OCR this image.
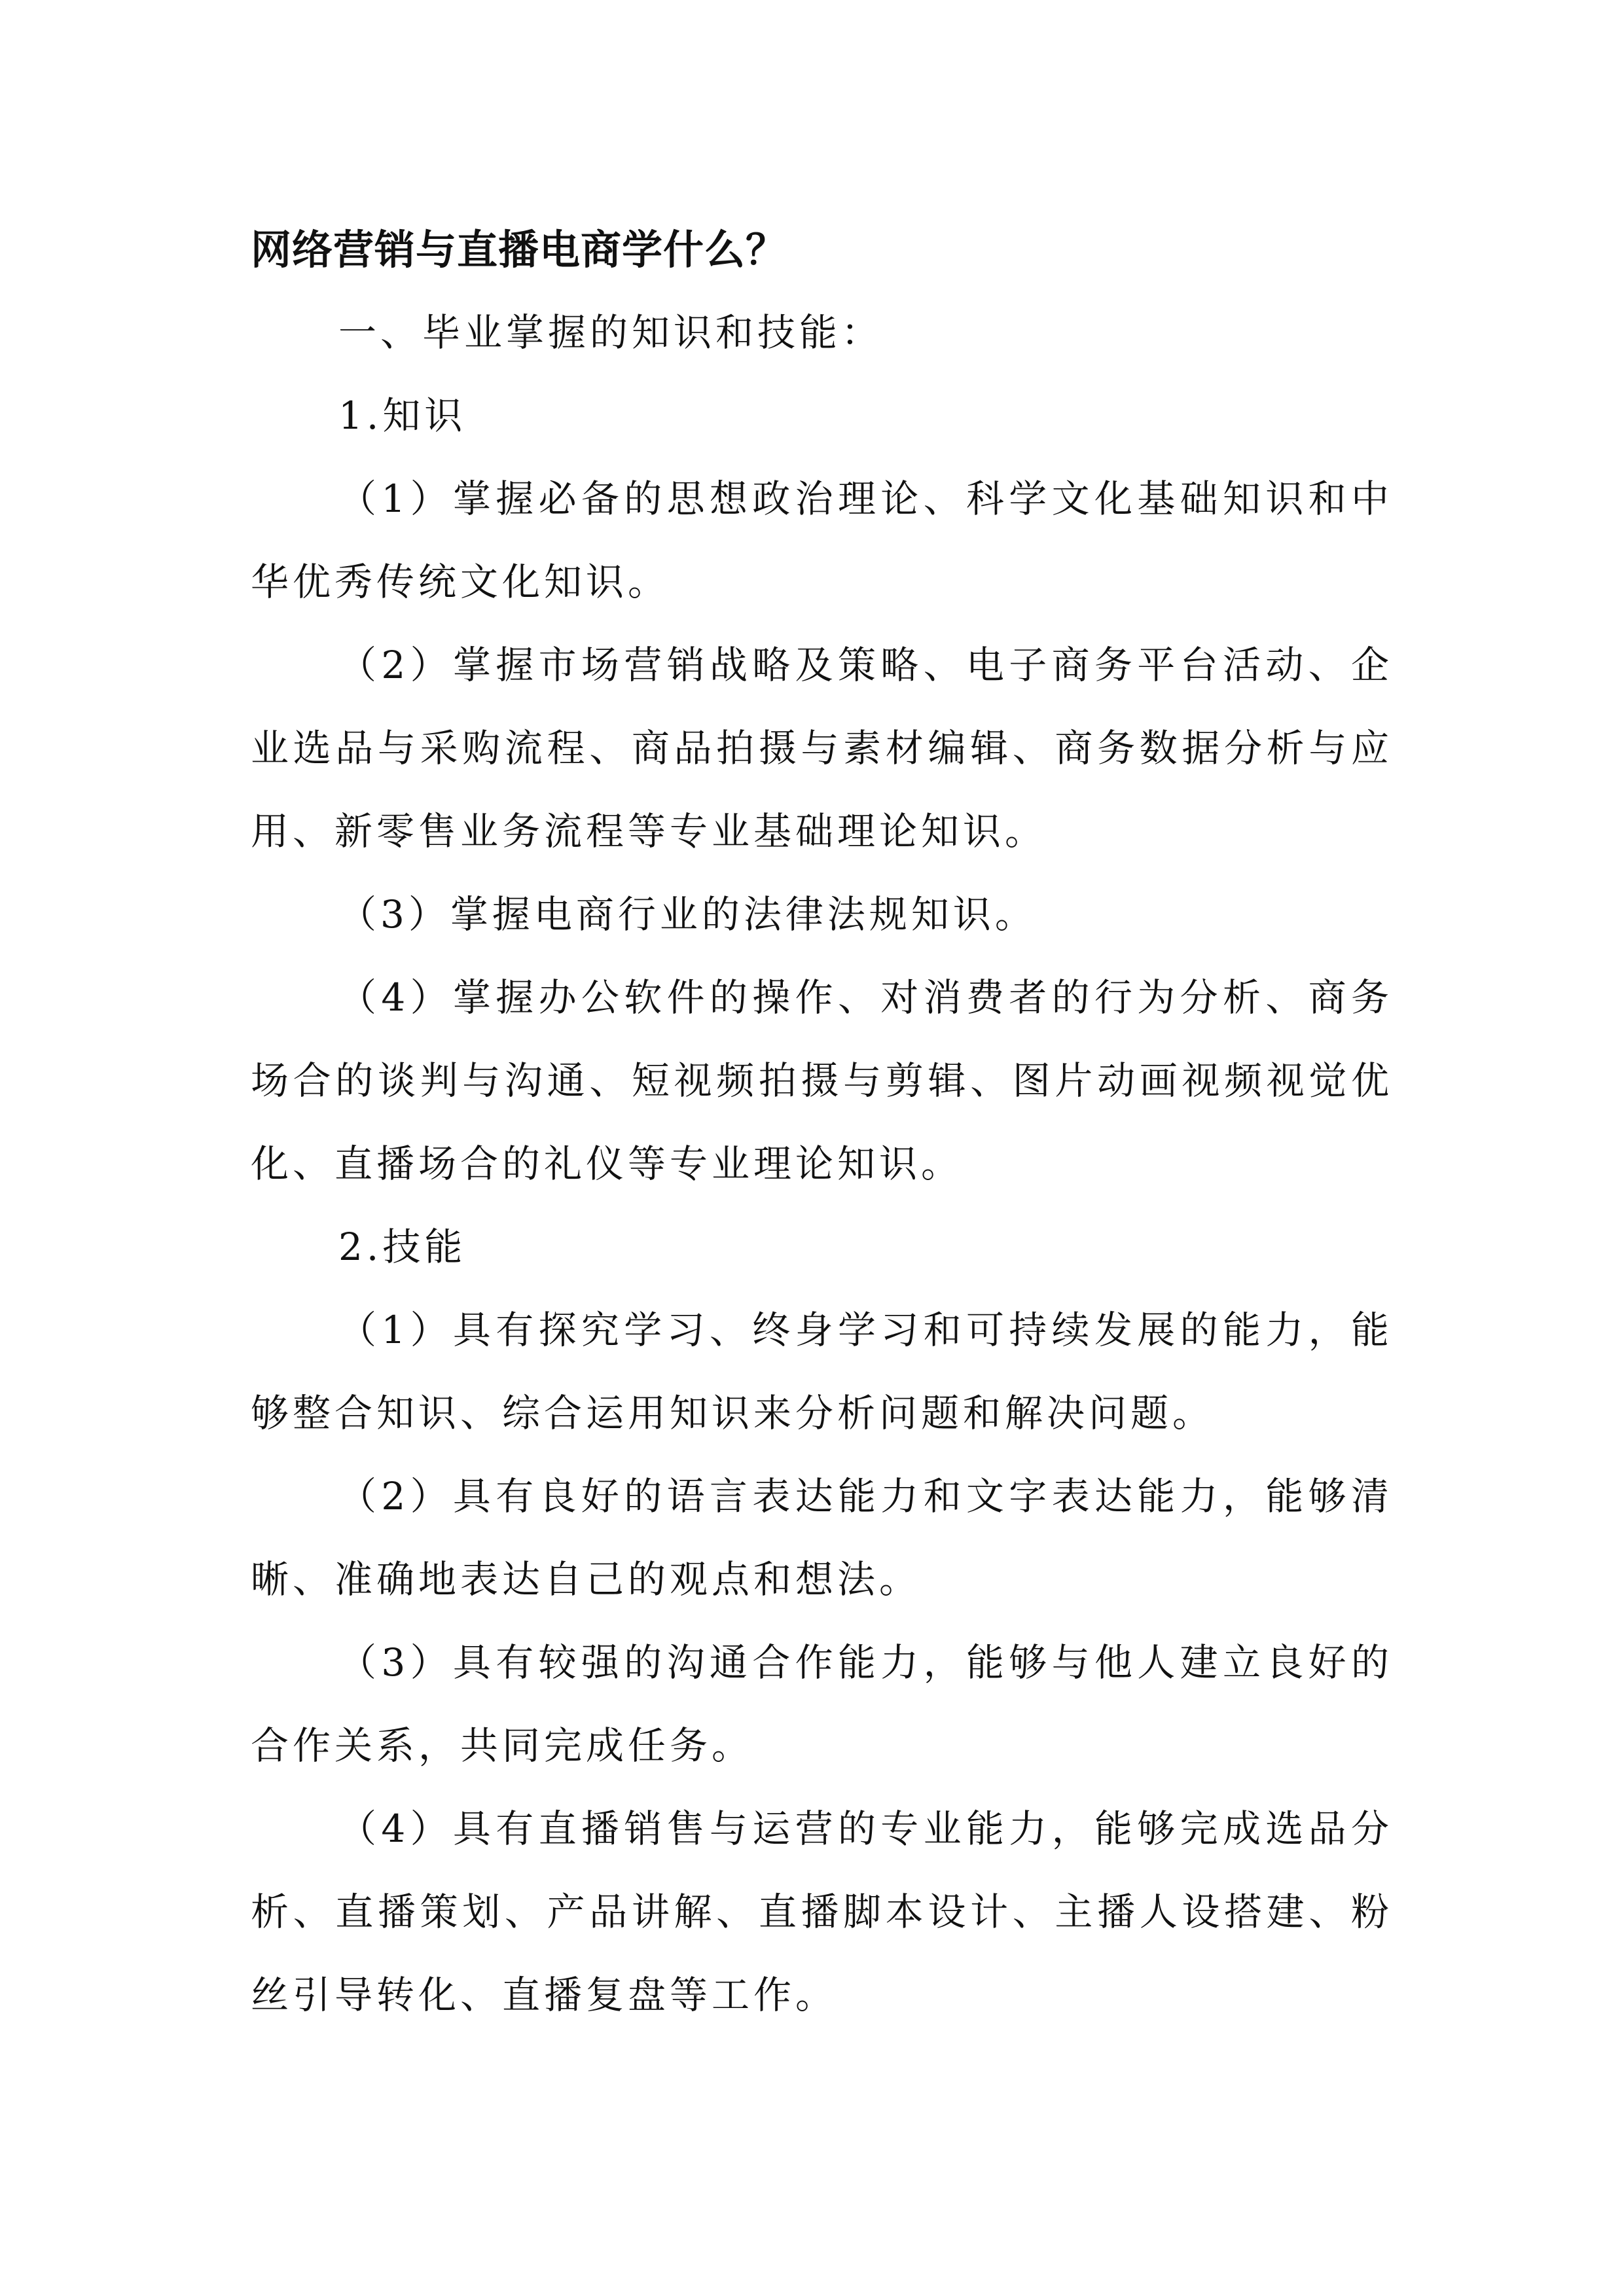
网络营销与直播电商学什么？

一、毕业掌握的知识和技能：

1.知识

（1）掌握必备的思想政治理论、科学文化基础知识和中华优秀传统文化知识。

（2）掌握市场营销战略及策略、电子商务平台活动、企业选品与采购流程、商品拍摄与素材编辑、商务数据分析与应用、新零售业务流程等专业基础理论知识。

（3）掌握电商行业的法律法规知识。

（4）掌握办公软件的操作、对消费者的行为分析、商务场合的谈判与沟通、短视频拍摄与剪辑、图片动画视频视觉优化、直播场合的礼仪等专业理论知识。

2.技能

（1）具有探究学习、终身学习和可持续发展的能力，能够整合知识、综合运用知识来分析问题和解决问题。

（2）具有良好的语言表达能力和文字表达能力，能够清晰、准确地表达自己的观点和想法。

（3）具有较强的沟通合作能力，能够与他人建立良好的合作关系，共同完成任务。

（4）具有直播销售与运营的专业能力，能够完成选品分析、直播策划、产品讲解、直播脚本设计、主播人设搭建、粉丝引导转化、直播复盘等工作。
